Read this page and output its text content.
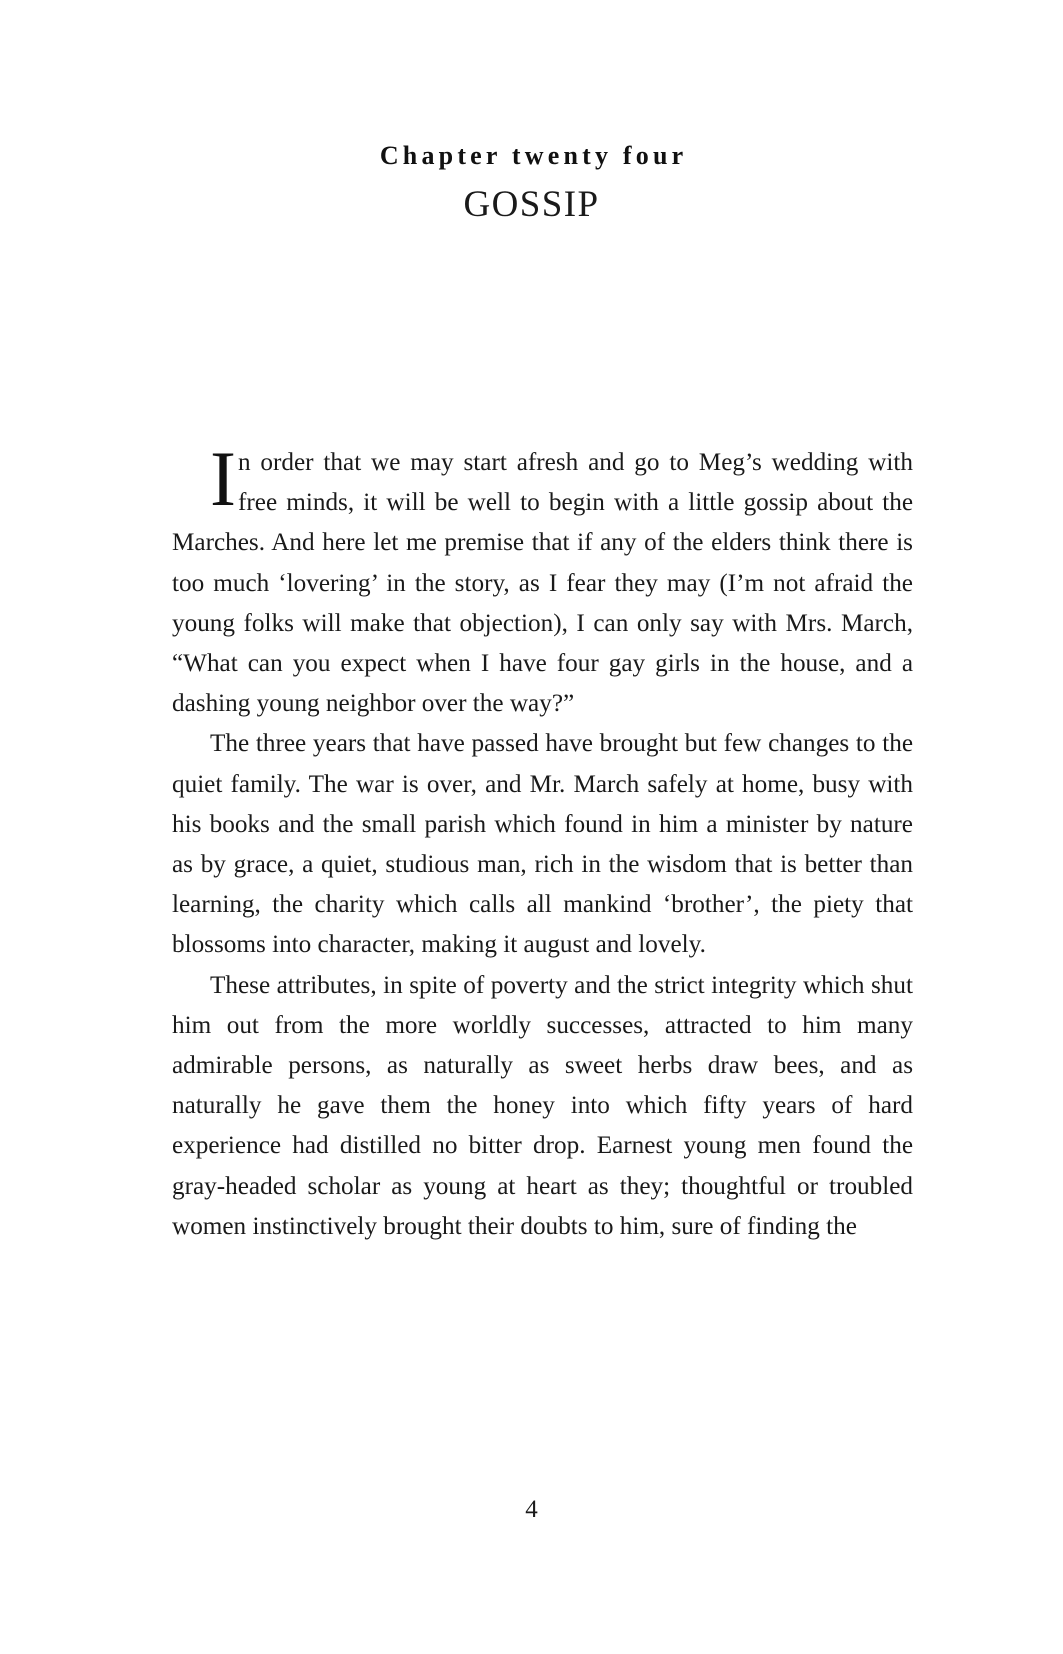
Chapter twenty four
GOSSIP

In order that we may start afresh and go to Meg’s wedding with free minds, it will be well to begin with a little gossip about the Marches. And here let me premise that if any of the elders think there is too much ‘lovering’ in the story, as I fear they may (I’m not afraid the young folks will make that objection), I can only say with Mrs. March, “What can you expect when I have four gay girls in the house, and a dashing young neighbor over the way?”

The three years that have passed have brought but few changes to the quiet family. The war is over, and Mr. March safely at home, busy with his books and the small parish which found in him a minister by nature as by grace, a quiet, studious man, rich in the wisdom that is better than learning, the charity which calls all mankind ‘brother’, the piety that blossoms into character, making it august and lovely.

These attributes, in spite of poverty and the strict integrity which shut him out from the more worldly successes, attracted to him many admirable persons, as naturally as sweet herbs draw bees, and as naturally he gave them the honey into which fifty years of hard experience had distilled no bitter drop. Earnest young men found the gray-headed scholar as young at heart as they; thoughtful or troubled women instinctively brought their doubts to him, sure of finding the

4
